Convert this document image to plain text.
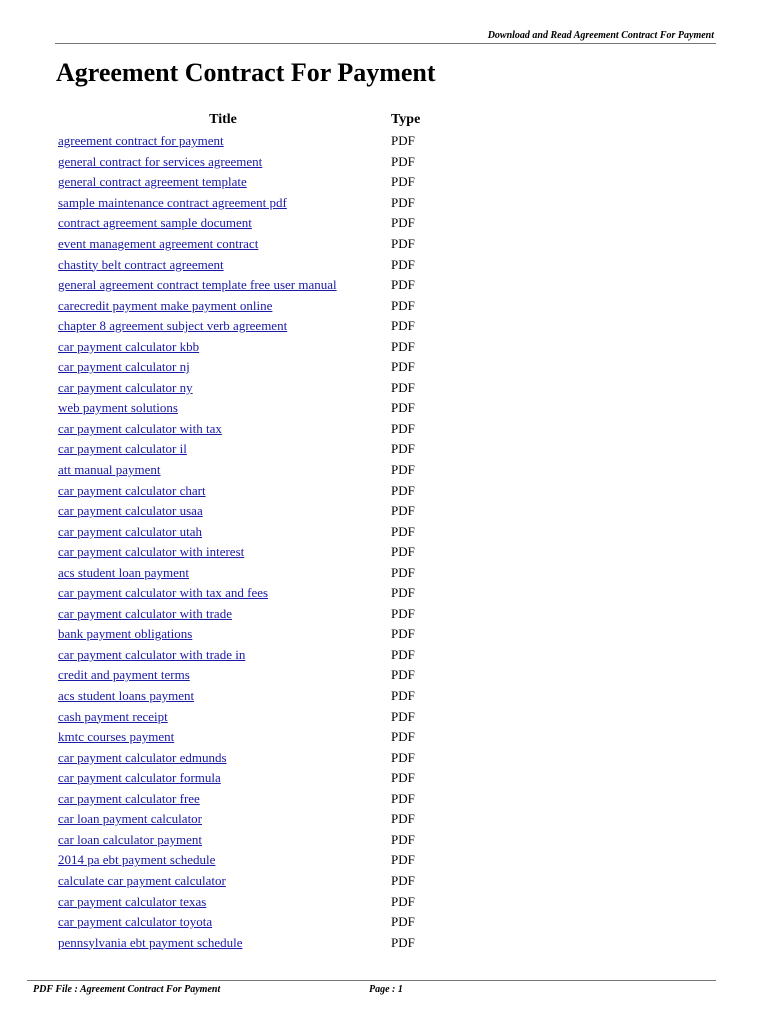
Download and Read Agreement Contract For Payment
Agreement Contract For Payment
Title	Type
agreement contract for payment	PDF
general contract for services agreement	PDF
general contract agreement template	PDF
sample maintenance contract agreement pdf	PDF
contract agreement sample document	PDF
event management agreement contract	PDF
chastity belt contract agreement	PDF
general agreement contract template free user manual	PDF
carecredit payment make payment online	PDF
chapter 8 agreement subject verb agreement	PDF
car payment calculator kbb	PDF
car payment calculator nj	PDF
car payment calculator ny	PDF
web payment solutions	PDF
car payment calculator with tax	PDF
car payment calculator il	PDF
att manual payment	PDF
car payment calculator chart	PDF
car payment calculator usaa	PDF
car payment calculator utah	PDF
car payment calculator with interest	PDF
acs student loan payment	PDF
car payment calculator with tax and fees	PDF
car payment calculator with trade	PDF
bank payment obligations	PDF
car payment calculator with trade in	PDF
credit and payment terms	PDF
acs student loans payment	PDF
cash payment receipt	PDF
kmtc courses payment	PDF
car payment calculator edmunds	PDF
car payment calculator formula	PDF
car payment calculator free	PDF
car loan payment calculator	PDF
car loan calculator payment	PDF
2014 pa ebt payment schedule	PDF
calculate car payment calculator	PDF
car payment calculator texas	PDF
car payment calculator toyota	PDF
pennsylvania ebt payment schedule	PDF
PDF File : Agreement Contract For Payment	Page : 1
